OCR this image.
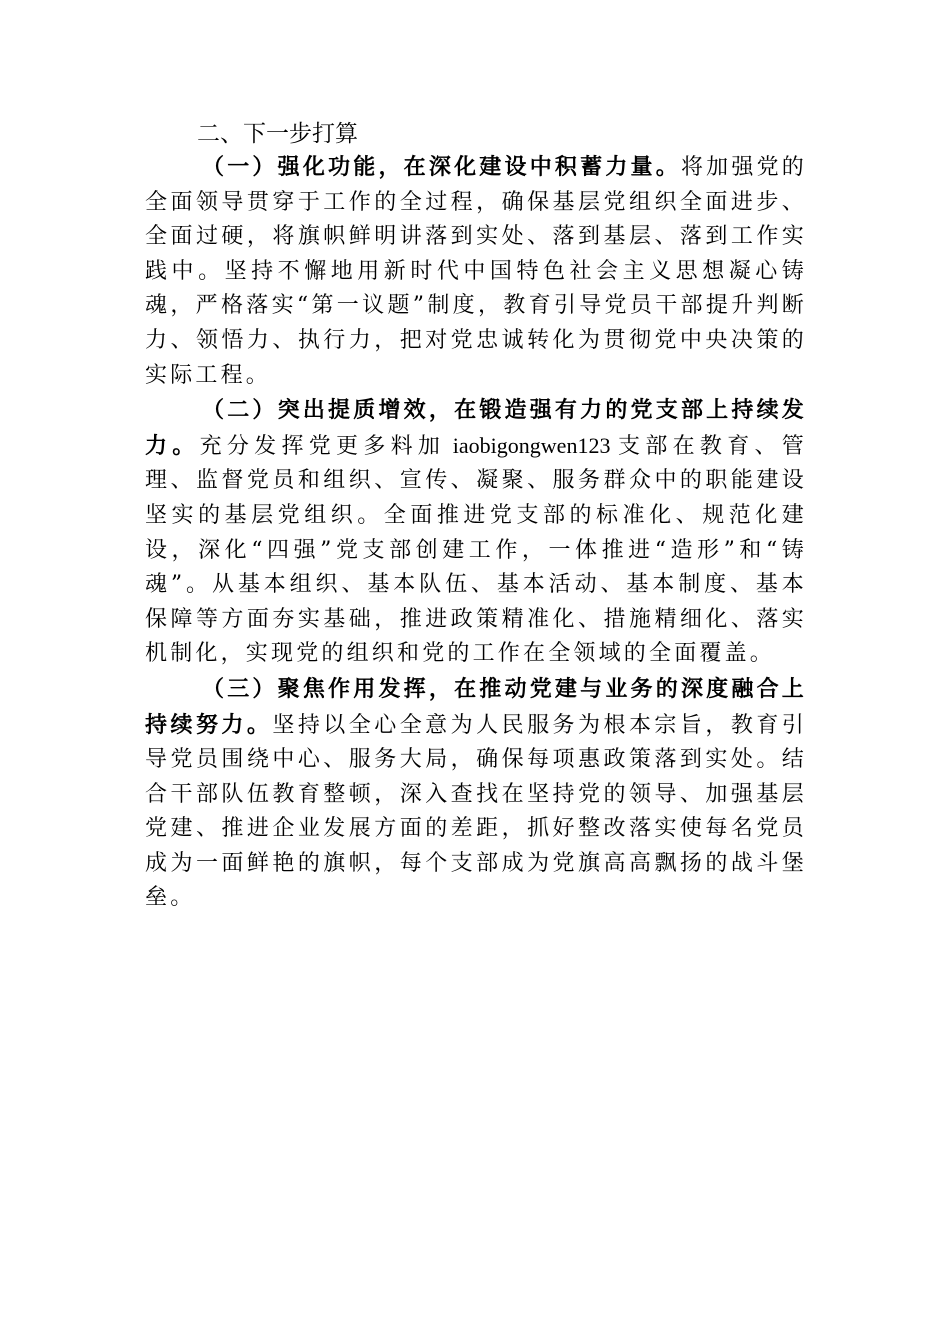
二、下一步打算

（一）强化功能，在深化建设中积蓄力量。将加强党的全面领导贯穿于工作的全过程，确保基层党组织全面进步、全面过硬，将旗帜鲜明讲落到实处、落到基层、落到工作实践中。坚持不懈地用新时代中国特色社会主义思想凝心铸魂，严格落实“第一议题”制度，教育引导党员干部提升判断力、领悟力、执行力，把对党忠诚转化为贯彻党中央决策的实际工程。

（二）突出提质增效，在锻造强有力的党支部上持续发力。充分发挥党更多料加 iaobigongwen123 支部在教育、管理、监督党员和组织、宣传、凝聚、服务群众中的职能建设坚实的基层党组织。全面推进党支部的标准化、规范化建设，深化“四强”党支部创建工作，一体推进“造形”和“铸魂”。从基本组织、基本队伍、基本活动、基本制度、基本保障等方面夯实基础，推进政策精准化、措施精细化、落实机制化，实现党的组织和党的工作在全领域的全面覆盖。

（三）聚焦作用发挥，在推动党建与业务的深度融合上持续努力。坚持以全心全意为人民服务为根本宗旨，教育引导党员围绕中心、服务大局，确保每项惠政策落到实处。结合干部队伍教育整顿，深入查找在坚持党的领导、加强基层党建、推进企业发展方面的差距，抓好整改落实使每名党员成为一面鲜艳的旗帜，每个支部成为党旗高高飘扬的战斗堡垒。
